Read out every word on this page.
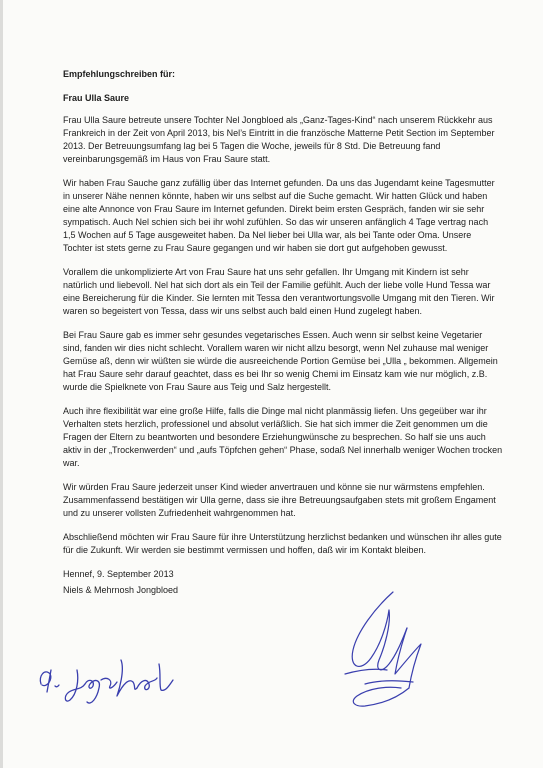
Empfehlungschreiben für:

Frau Ulla Saure

Frau Ulla Saure betreute unsere Tochter Nel Jongbloed als „Ganz-Tages-Kind“ nach unserem Rückkehr aus Frankreich in der Zeit von April 2013, bis Nel’s Eintritt in die französche Matterne Petit Section im September 2013. Der Betreuungsumfang lag bei 5 Tagen die Woche, jeweils für 8 Std. Die Betreuung fand vereinbarungsgemäß im Haus von Frau Saure statt.

Wir haben Frau Sauche ganz zufällig über das Internet gefunden. Da uns das Jugendamt keine Tagesmutter in unserer Nähe nennen könnte, haben wir uns selbst auf die Suche gemacht. Wir hatten Glück und haben eine alte Annonce von Frau Saure im Internet gefunden. Direkt beim ersten Gespräch, fanden wir sie sehr sympatisch. Auch Nel schien sich bei ihr wohl zufühlen. So das wir unseren anfänglich 4 Tage vertrag nach 1,5 Wochen auf 5 Tage ausgeweitet haben. Da Nel lieber bei Ulla war, als bei Tante oder Oma. Unsere Tochter ist stets gerne zu Frau Saure gegangen und wir haben sie dort gut aufgehoben gewusst.

Vorallem die unkomplizierte Art von Frau Saure hat uns sehr gefallen. Ihr Umgang mit Kindern ist sehr natürlich und liebevoll. Nel hat sich dort als ein Teil der Familie gefühlt. Auch der liebe volle Hund Tessa war eine Bereicherung für die Kinder. Sie lernten mit Tessa den verantwortungsvolle Umgang mit den Tieren. Wir waren so begeistert von Tessa, dass wir uns selbst auch bald einen Hund zugelegt haben.

Bei Frau Saure gab es immer sehr gesundes vegetarisches Essen. Auch wenn sir selbst keine Vegetarier sind, fanden wir dies nicht schlecht. Vorallem waren wir nicht allzu besorgt, wenn Nel zuhause mal weniger Gemüse aß, denn wir wüßten sie würde die ausreeichende Portion Gemüse bei „Ulla „ bekommen. Allgemein hat Frau Saure sehr darauf geachtet, dass es bei Ihr so wenig Chemi im Einsatz kam wie nur möglich, z.B. wurde die Spielknete von Frau Saure aus Teig und Salz hergestellt.

Auch ihre flexibilität war eine große Hilfe, falls die Dinge mal nicht planmässig liefen. Uns gegeüber war ihr Verhalten stets herzlich, professionel und absolut verläßlich. Sie hat sich immer die Zeit genommen um die Fragen der Eltern zu beantworten und besondere Erziehungwünsche zu besprechen. So half sie uns auch aktiv in der „Trockenwerden“ und „aufs Töpfchen gehen“ Phase, sodaß Nel innerhalb weniger Wochen trocken war.

Wir würden Frau Saure jederzeit unser Kind wieder anvertrauen und könne sie nur wärmstens empfehlen. Zusammenfassend bestätigen wir Ulla gerne, dass sie ihre Betreuungsaufgaben stets mit großem Engament und zu unserer vollsten Zufriedenheit wahrgenommen hat.

Abschließend möchten wir Frau Saure für ihre Unterstützung herzlichst bedanken und wünschen ihr alles gute für die Zukunft. Wir werden sie bestimmt vermissen und hoffen, daß wir im Kontakt bleiben.

Hennef, 9. September 2013

Niels & Mehrnosh Jongbloed
